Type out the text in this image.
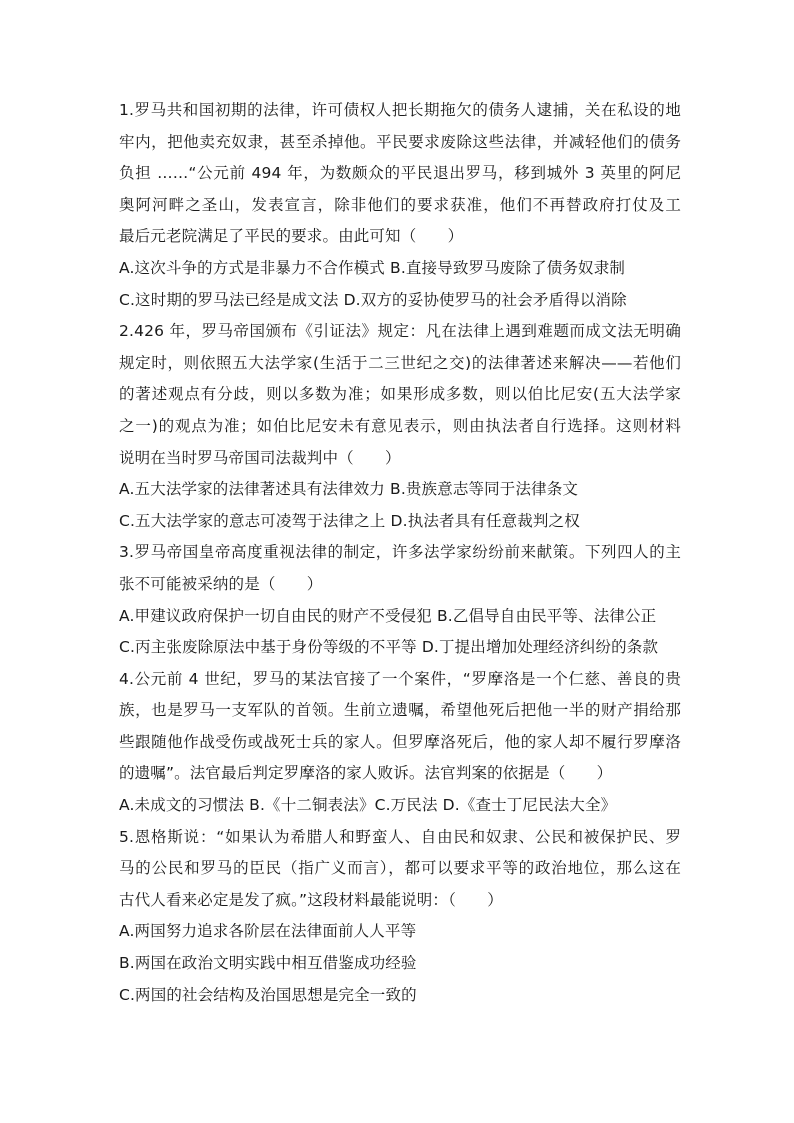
1.罗马共和国初期的法律，许可债权人把长期拖欠的债务人逮捕，关在私设的地
牢内，把他卖充奴隶，甚至杀掉他。平民要求废除这些法律，并减轻他们的债务
负担 ……“公元前 494 年，为数颇众的平民退出罗马，移到城外 3 英里的阿尼
奥阿河畔之圣山，发表宣言，除非他们的要求获准，他们不再替政府打仗及工
最后元老院满足了平民的要求。由此可知（　　）
A.这次斗争的方式是非暴力不合作模式 B.直接导致罗马废除了债务奴隶制
C.这时期的罗马法已经是成文法 D.双方的妥协使罗马的社会矛盾得以消除
2.426 年，罗马帝国颁布《引证法》规定：凡在法律上遇到难题而成文法无明确
规定时，则依照五大法学家(生活于二三世纪之交)的法律著述来解决——若他们
的著述观点有分歧，则以多数为准；如果形成多数，则以伯比尼安(五大法学家
之一)的观点为准；如伯比尼安未有意见表示，则由执法者自行选择。这则材料
说明在当时罗马帝国司法裁判中（　　）
A.五大法学家的法律著述具有法律效力 B.贵族意志等同于法律条文
C.五大法学家的意志可凌驾于法律之上 D.执法者具有任意裁判之权
3.罗马帝国皇帝高度重视法律的制定，许多法学家纷纷前来献策。下列四人的主
张不可能被采纳的是（　　）
A.甲建议政府保护一切自由民的财产不受侵犯 B.乙倡导自由民平等、法律公正
C.丙主张废除原法中基于身份等级的不平等 D.丁提出增加处理经济纠纷的条款
4.公元前 4 世纪，罗马的某法官接了一个案件，“罗摩洛是一个仁慈、善良的贵
族，也是罗马一支军队的首领。生前立遗嘱，希望他死后把他一半的财产捐给那
些跟随他作战受伤或战死士兵的家人。但罗摩洛死后，他的家人却不履行罗摩洛
的遗嘱”。法官最后判定罗摩洛的家人败诉。法官判案的依据是（　　）
A.未成文的习惯法 B.《十二铜表法》C.万民法 D.《查士丁尼民法大全》
5.恩格斯说：“如果认为希腊人和野蛮人、自由民和奴隶、公民和被保护民、罗
马的公民和罗马的臣民（指广义而言），都可以要求平等的政治地位，那么这在
古代人看来必定是发了疯。”这段材料最能说明：（　　）
A.两国努力追求各阶层在法律面前人人平等
B.两国在政治文明实践中相互借鉴成功经验
C.两国的社会结构及治国思想是完全一致的
